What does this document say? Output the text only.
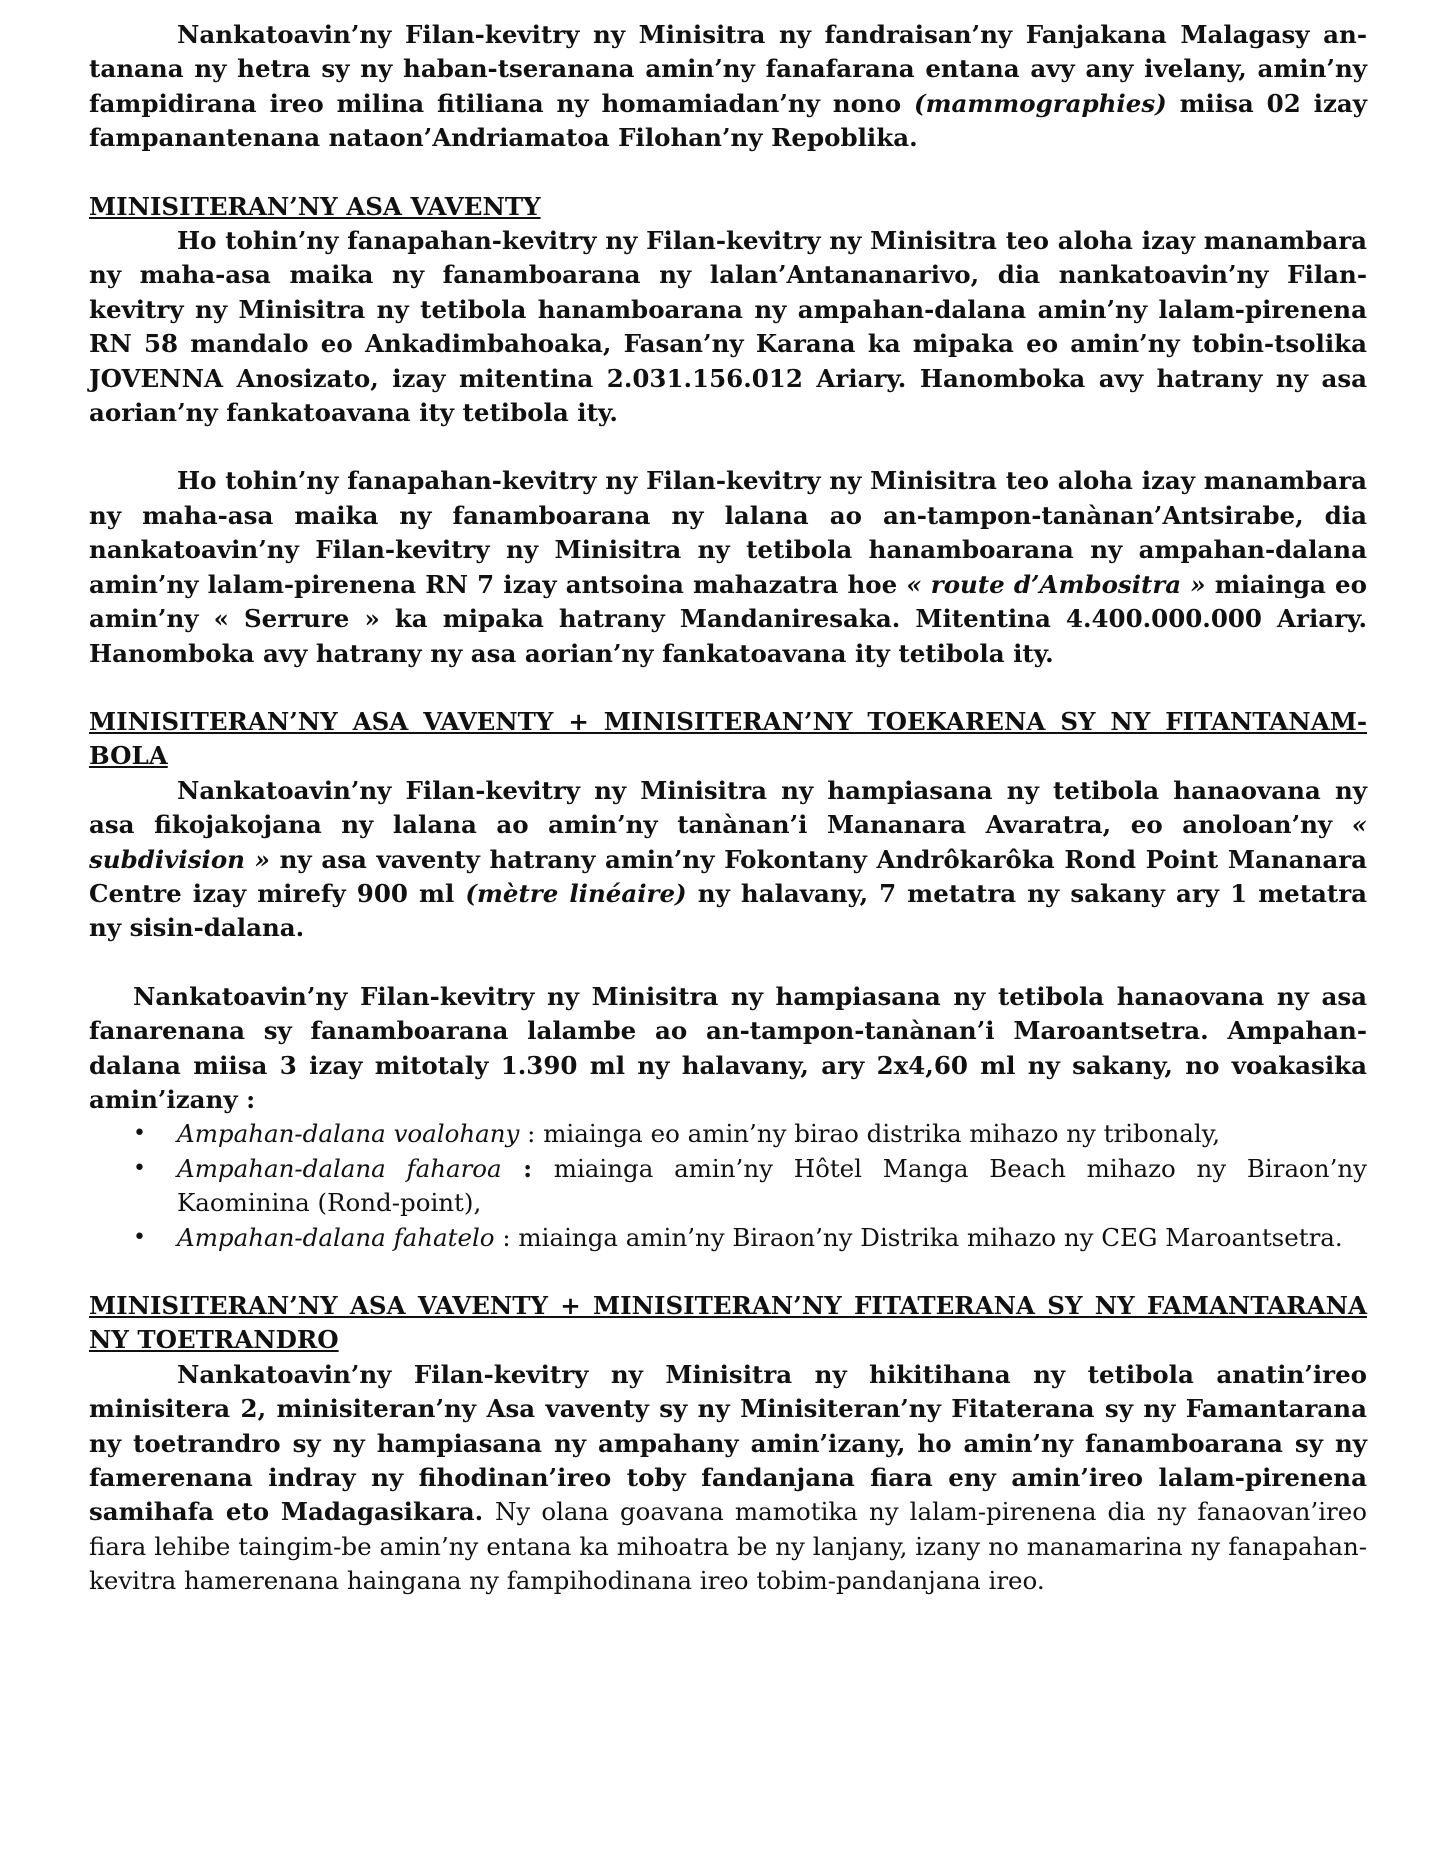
Nankatoavin’ny Filan-kevitry ny Minisitra ny fandraisan’ny Fanjakana Malagasy an-tanana ny hetra sy ny haban-tseranana amin’ny fanafarana entana avy any ivelany, amin’ny fampidirana ireo milina fitiliana ny homamiadan’ny nono (mammographies) miisa 02 izay fampanantenana nataon’Andriamatoa Filohan’ny Repoblika.

MINISITERAN’NY ASA VAVENTY

Ho tohin’ny fanapahan-kevitry ny Filan-kevitry ny Minisitra teo aloha izay manambara ny maha-asa maika ny fanamboarana ny lalan’Antananarivo, dia nankatoavin’ny Filan-kevitry ny Minisitra ny tetibola hanamboarana ny ampahan-dalana amin’ny lalam-pirenena RN 58 mandalo eo Ankadimbahoaka, Fasan’ny Karana ka mipaka eo amin’ny tobin-tsolika JOVENNA Anosizato, izay mitentina 2.031.156.012 Ariary. Hanomboka avy hatrany ny asa aorian’ny fankatoavana ity tetibola ity.

Ho tohin’ny fanapahan-kevitry ny Filan-kevitry ny Minisitra teo aloha izay manambara ny maha-asa maika ny fanamboarana ny lalana ao an-tampon-tanànan’Antsirabe, dia nankatoavin’ny Filan-kevitry ny Minisitra ny tetibola hanamboarana ny ampahan-dalana amin’ny lalam-pirenena RN 7 izay antsoina mahazatra hoe « route d’Ambositra » miainga eo amin’ny « Serrure » ka mipaka hatrany Mandaniresaka. Mitentina 4.400.000.000 Ariary. Hanomboka avy hatrany ny asa aorian’ny fankatoavana ity tetibola ity.

MINISITERAN’NY ASA VAVENTY + MINISITERAN’NY TOEKARENA SY NY FITANTANAM-BOLA

Nankatoavin’ny Filan-kevitry ny Minisitra ny hampiasana ny tetibola hanaovana ny asa fikojakojana ny lalana ao amin’ny tanànan’i Mananara Avaratra, eo anoloan’ny « subdivision » ny asa vaventy hatrany amin’ny Fokontany Andrôkarôka Rond Point Mananara Centre izay mirefy 900 ml (mètre linéaire) ny halavany, 7 metatra ny sakany ary 1 metatra ny sisin-dalana.

Nankatoavin’ny Filan-kevitry ny Minisitra ny hampiasana ny tetibola hanaovana ny asa fanarenana sy fanamboarana lalambe ao an-tampon-tanànan’i Maroantsetra. Ampahan-dalana miisa 3 izay mitotaly 1.390 ml ny halavany, ary 2x4,60 ml ny sakany, no voakasika amin’izany :

• Ampahan-dalana voalohany : miainga eo amin’ny birao distrika mihazo ny tribonaly,
• Ampahan-dalana faharoa : miainga amin’ny Hôtel Manga Beach mihazo ny Biraon’ny Kaominina (Rond-point),
• Ampahan-dalana fahatelo : miainga amin’ny Biraon’ny Distrika mihazo ny CEG Maroantsetra.
MINISITERAN’NY ASA VAVENTY + MINISITERAN’NY FITATERANA SY NY FAMANTARANA NY TOETRANDRO

Nankatoavin’ny Filan-kevitry ny Minisitra ny hikitihana ny tetibola anatin’ireo minisitera 2, minisiteran’ny Asa vaventy sy ny Minisiteran’ny Fitaterana sy ny Famantarana ny toetrandro sy ny hampiasana ny ampahany amin’izany, ho amin’ny fanamboarana sy ny famerenana indray ny fihodinan’ireo toby fandanjana fiara eny amin’ireo lalam-pirenena samihafa eto Madagasikara. Ny olana goavana mamotika ny lalam-pirenena dia ny fanaovan’ireo fiara lehibe taingim-be amin’ny entana ka mihoatra be ny lanjany, izany no manamarina ny fanapahan-kevitra hamerenana haingana ny fampihodinana ireo tobim-pandanjana ireo.
